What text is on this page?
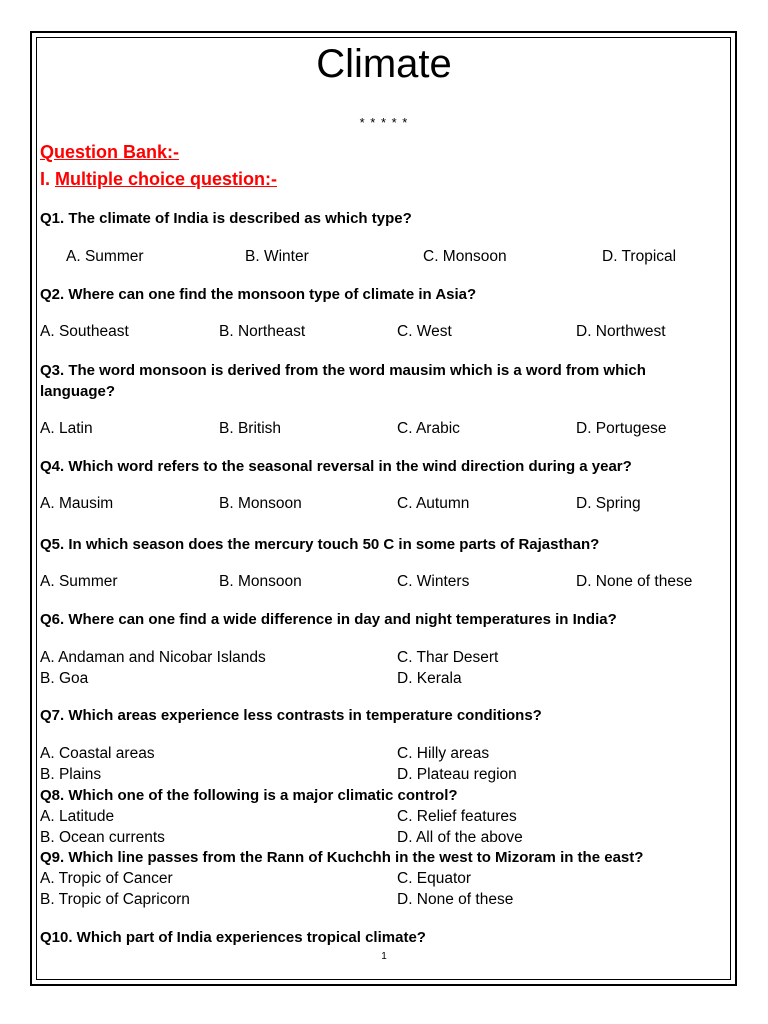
Climate
* * * * *
Question Bank:-
I. Multiple choice question:-
Q1. The climate of India is described as which type?
A. Summer	B. Winter	C. Monsoon	D. Tropical
Q2. Where can one find the monsoon type of climate in Asia?
A. Southeast	B. Northeast	C. West	D. Northwest
Q3. The word monsoon is derived from the word mausim which is a word from which
language?
A. Latin	B. British	C. Arabic	D. Portugese
Q4. Which word refers to the seasonal reversal in the wind direction during a year?
A. Mausim	B. Monsoon	C. Autumn	D. Spring
Q5. In which season does the mercury touch 50 C in some parts of Rajasthan?
A. Summer	B. Monsoon	C. Winters	D. None of these
Q6. Where can one find a wide difference in day and night temperatures in India?
A. Andaman and Nicobar Islands	C. Thar Desert
B. Goa	D. Kerala
Q7. Which areas experience less contrasts in temperature conditions?
A. Coastal areas	C. Hilly areas
B. Plains	D. Plateau region
Q8. Which one of the following is a major climatic control?
A. Latitude	C. Relief features
B. Ocean currents	D. All of the above
Q9. Which line passes from the Rann of Kuchchh in the west to Mizoram in the east?
A. Tropic of Cancer	C. Equator
B. Tropic of Capricorn	D. None of these
Q10. Which part of India experiences tropical climate?
1
